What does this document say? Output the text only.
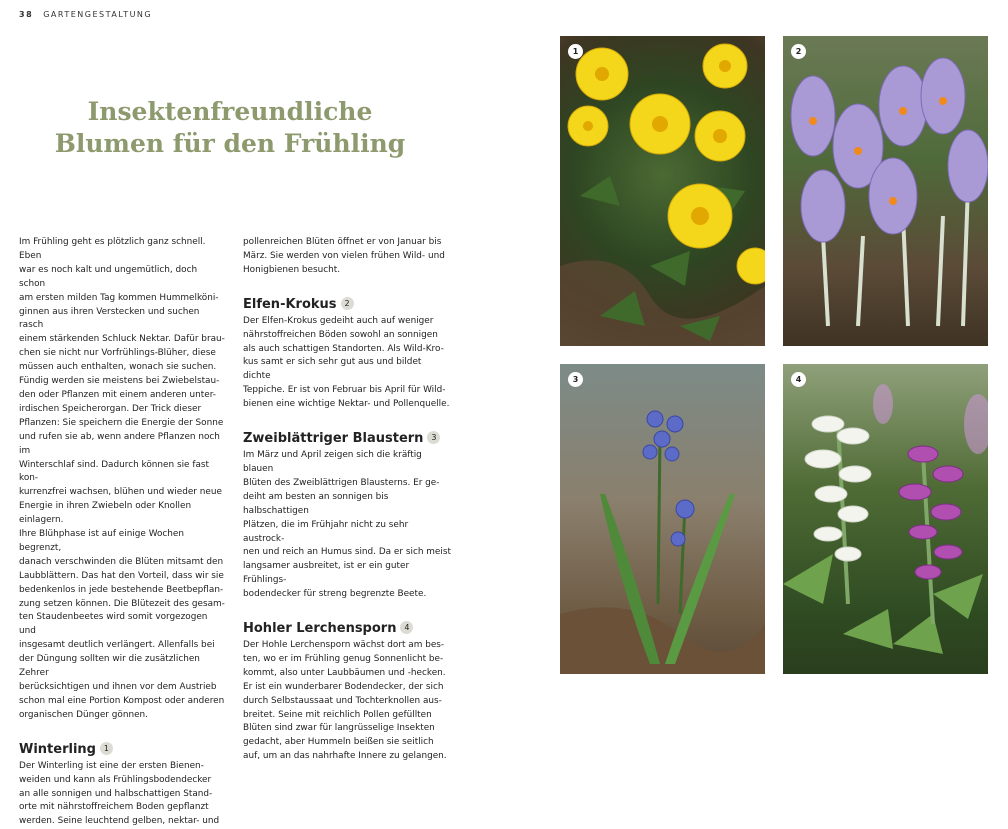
38 GARTENGESTALTUNG
Insektenfreundliche
Blumen für den Frühling

Im Frühling geht es plötzlich ganz schnell. Eben
war es noch kalt und ungemütlich, doch schon
am ersten milden Tag kommen Hummelköni-
ginnen aus ihren Verstecken und suchen rasch
einem stärkenden Schluck Nektar. Dafür brau-
chen sie nicht nur Vorfrühlings-Blüher, diese
müssen auch enthalten, wonach sie suchen.
Fündig werden sie meistens bei Zwiebelstau-
den oder Pflanzen mit einem anderen unter-
irdischen Speicherorgan. Der Trick dieser
Pflanzen: Sie speichern die Energie der Sonne
und rufen sie ab, wenn andere Pflanzen noch im
Winterschlaf sind. Dadurch können sie fast kon-
kurrenzfrei wachsen, blühen und wieder neue
Energie in ihren Zwiebeln oder Knollen einlagern.
Ihre Blühphase ist auf einige Wochen begrenzt,
danach verschwinden die Blüten mitsamt den
Laubblättern. Das hat den Vorteil, dass wir sie
bedenkenlos in jede bestehende Beetbepflan-
zung setzen können. Die Blütezeit des gesam-
ten Staudenbeetes wird somit vorgezogen und
insgesamt deutlich verlängert. Allenfalls bei
der Düngung sollten wir die zusätzlichen Zehrer
berücksichtigen und ihnen vor dem Austrieb
schon mal eine Portion Kompost oder anderen
organischen Dünger gönnen.

Winterling 1

Der Winterling ist eine der ersten Bienen-
weiden und kann als Frühlingsbodendecker
an alle sonnigen und halbschattigen Stand-
orte mit nährstoffreichem Boden gepflanzt
werden. Seine leuchtend gelben, nektar- und

pollenreichen Blüten öffnet er von Januar bis
März. Sie werden von vielen frühen Wild- und
Honigbienen besucht.

Elfen-Krokus 2

Der Elfen-Krokus gedeiht auch auf weniger
nährstoffreichen Böden sowohl an sonnigen
als auch schattigen Standorten. Als Wild-Kro-
kus samt er sich sehr gut aus und bildet dichte
Teppiche. Er ist von Februar bis April für Wild-
bienen eine wichtige Nektar- und Pollenquelle.

Zweiblättriger Blaustern 3

Im März und April zeigen sich die kräftig blauen
Blüten des Zweiblättrigen Blausterns. Er ge-
deiht am besten an sonnigen bis halbschattigen
Plätzen, die im Frühjahr nicht zu sehr austrock-
nen und reich an Humus sind. Da er sich meist
langsamer ausbreitet, ist er ein guter Frühlings-
bodendecker für streng begrenzte Beete.

Hohler Lerchensporn 4

Der Hohle Lerchensporn wächst dort am bes-
ten, wo er im Frühling genug Sonnenlicht be-
kommt, also unter Laubbäumen und -hecken.
Er ist ein wunderbarer Bodendecker, der sich
durch Selbstaussaat und Tochterknollen aus-
breitet. Seine mit reichlich Pollen gefüllten
Blüten sind zwar für langrüsselige Insekten
gedacht, aber Hummeln beißen sie seitlich
auf, um an das nahrhafte Innere zu gelangen.

1	2
3	4
